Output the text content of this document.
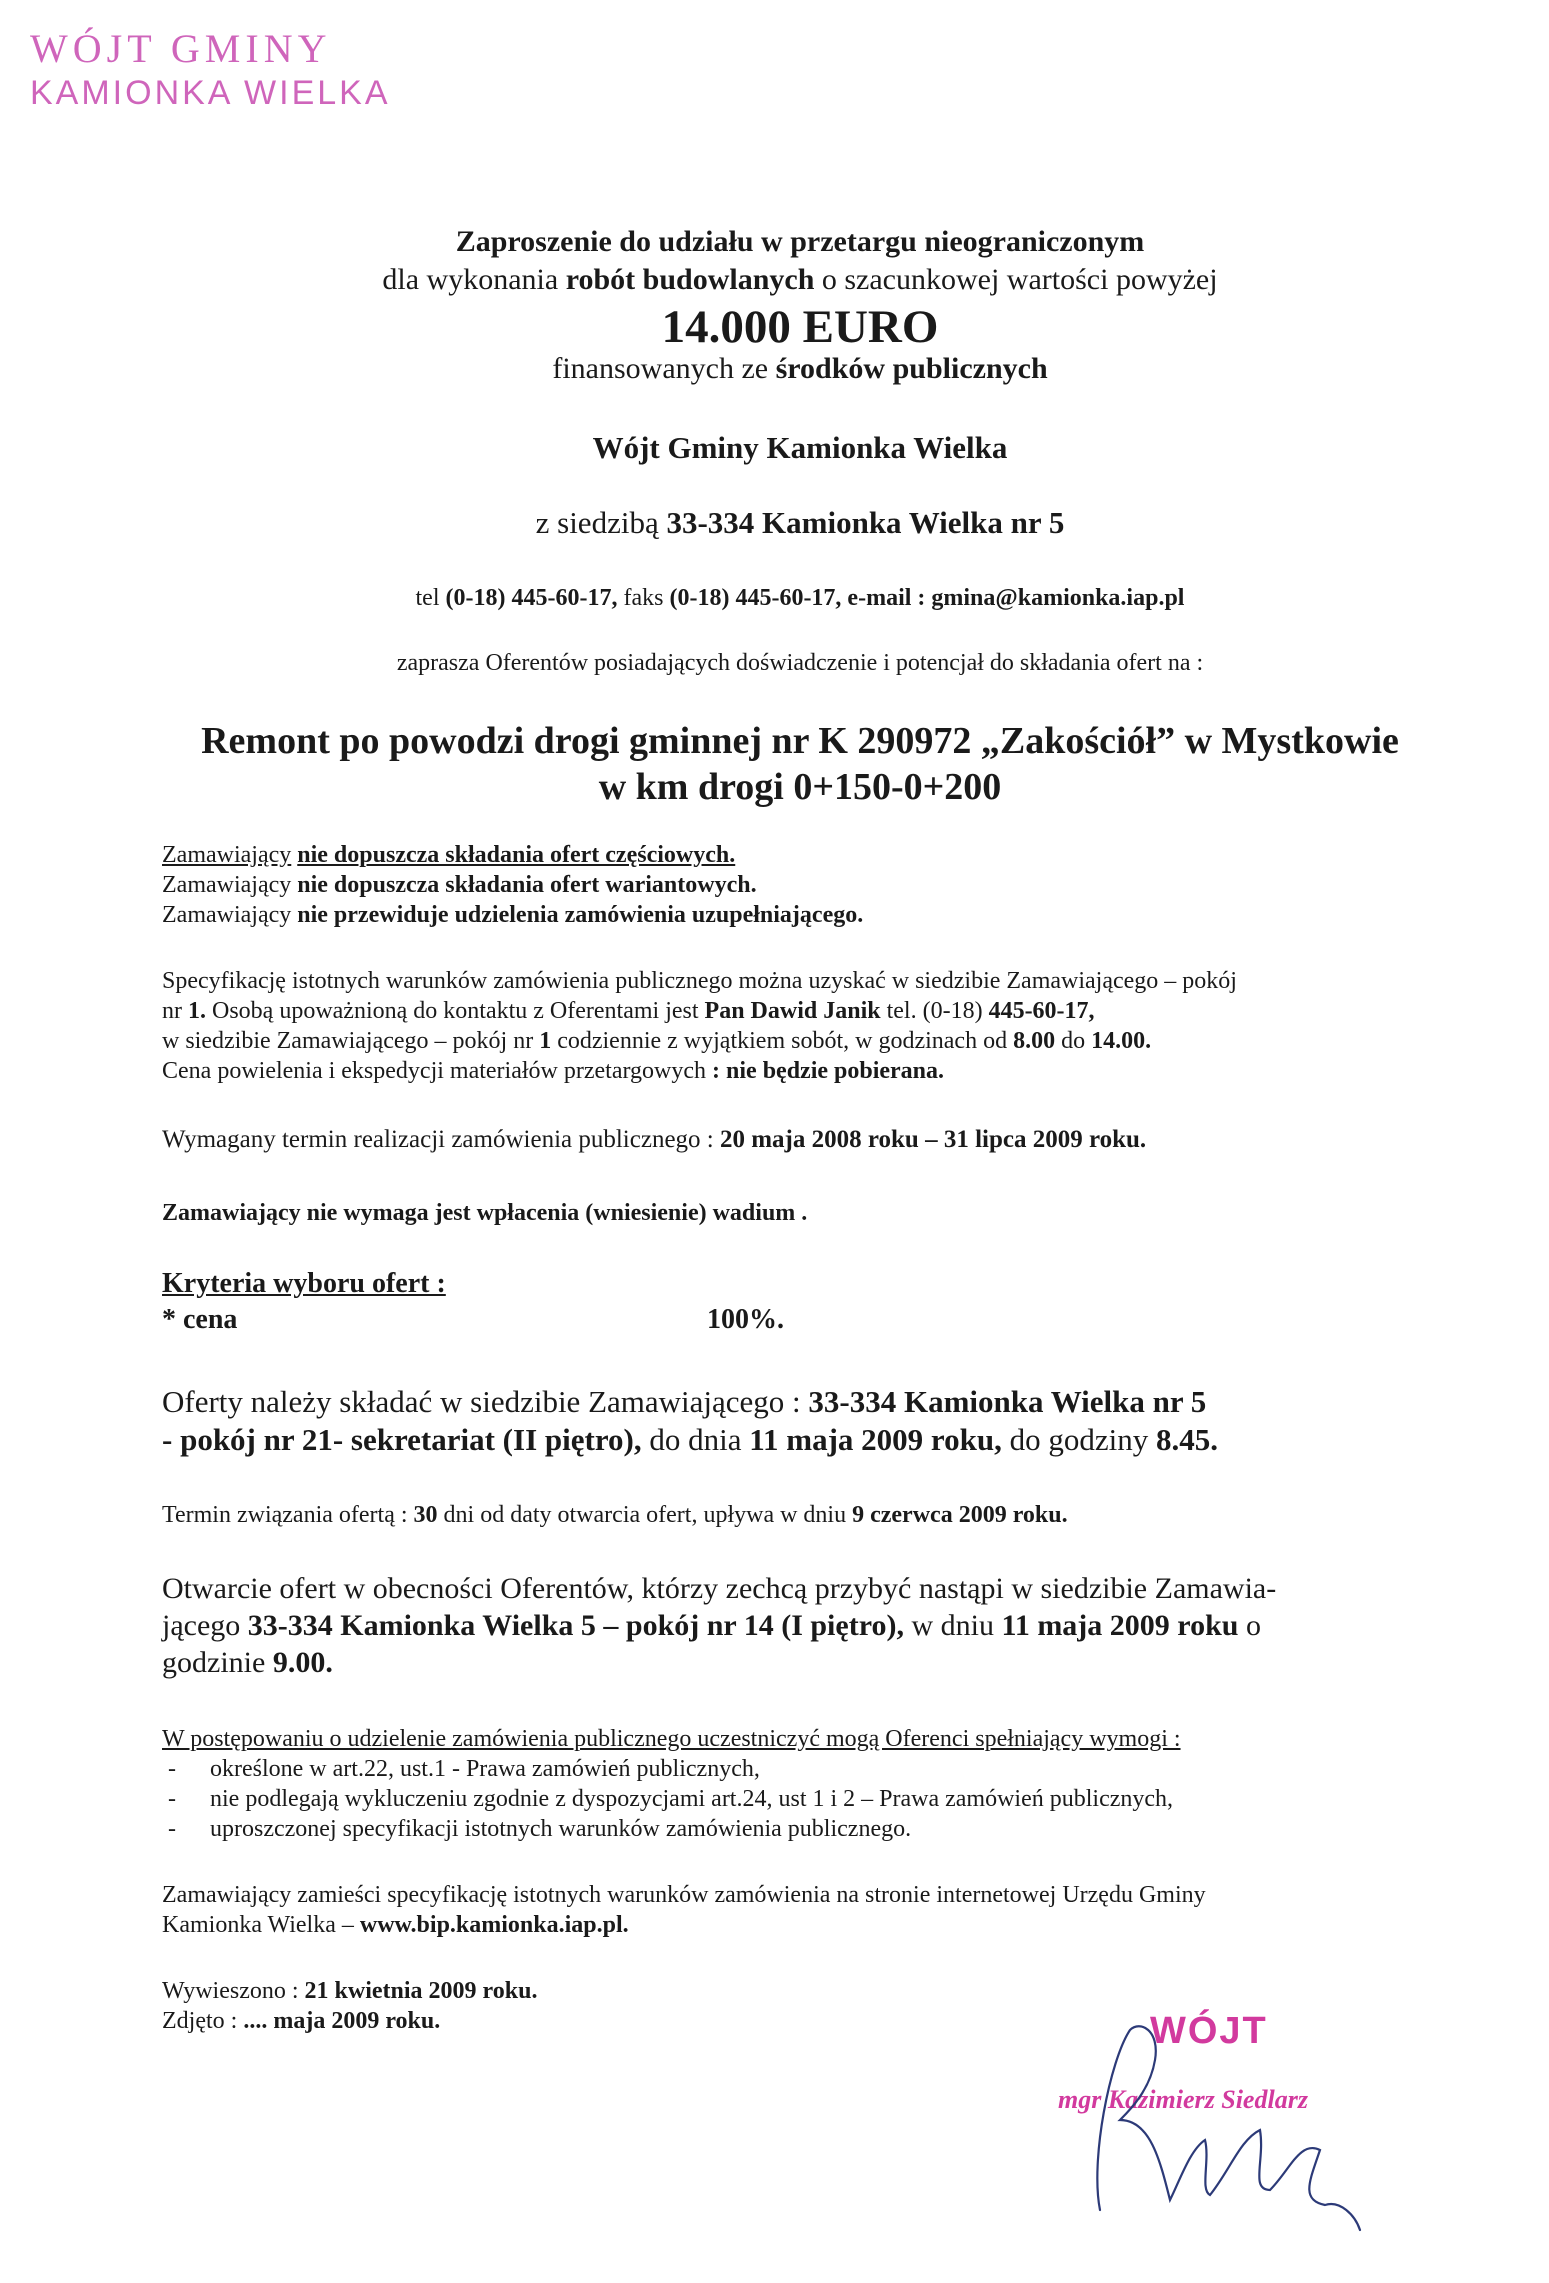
WÓJT GMINY
KAMIONKA WIELKA
Zaproszenie do udziału w przetargu nieograniczonym
dla wykonania robót budowlanych o szacunkowej wartości powyżej
14.000 EURO
finansowanych ze środków publicznych
Wójt Gminy Kamionka Wielka
z siedzibą 33-334 Kamionka Wielka nr 5
tel (0-18) 445-60-17, faks (0-18) 445-60-17, e-mail : gmina@kamionka.iap.pl
zaprasza Oferentów posiadających doświadczenie i potencjał do składania ofert na :
Remont po powodzi drogi gminnej nr K 290972 „Zakościół” w Mystkowie
w km drogi 0+150-0+200
Zamawiający nie dopuszcza składania ofert częściowych.
Zamawiający nie dopuszcza składania ofert wariantowych.
Zamawiający nie przewiduje udzielenia zamówienia uzupełniającego.
Specyfikację istotnych warunków zamówienia publicznego można uzyskać w siedzibie Zamawiającego – pokój
nr 1. Osobą upoważnioną do kontaktu z Oferentami jest Pan Dawid Janik tel. (0-18) 445-60-17,
w siedzibie Zamawiającego – pokój nr 1 codziennie z wyjątkiem sobót, w godzinach od 8.00 do 14.00.
Cena powielenia i ekspedycji materiałów przetargowych : nie będzie pobierana.
Wymagany termin realizacji zamówienia publicznego : 20 maja 2008 roku – 31 lipca 2009 roku.
Zamawiający nie wymaga jest wpłacenia (wniesienie) wadium .
Kryteria wyboru ofert :
* cena	100%.
Oferty należy składać w siedzibie Zamawiającego : 33-334 Kamionka Wielka nr 5
- pokój nr 21- sekretariat (II piętro), do dnia 11 maja 2009 roku, do godziny 8.45.
Termin związania ofertą : 30 dni od daty otwarcia ofert, upływa w dniu 9 czerwca 2009 roku.
Otwarcie ofert w obecności Oferentów, którzy zechcą przybyć nastąpi w siedzibie Zamawia-
jącego 33-334 Kamionka Wielka 5 – pokój nr 14 (I piętro), w dniu 11 maja 2009 roku o
godzinie 9.00.
W postępowaniu o udzielenie zamówienia publicznego uczestniczyć mogą Oferenci spełniający wymogi :
- określone w art.22, ust.1 - Prawa zamówień publicznych,
- nie podlegają wykluczeniu zgodnie z dyspozycjami art.24, ust 1 i 2 – Prawa zamówień publicznych,
- uproszczonej specyfikacji istotnych warunków zamówienia publicznego.
Zamawiający zamieści specyfikację istotnych warunków zamówienia na stronie internetowej Urzędu Gminy
Kamionka Wielka – www.bip.kamionka.iap.pl.
Wywieszono : 21 kwietnia 2009 roku.
Zdjęto : .... maja 2009 roku.	WÓJT
mgr Kazimierz Siedlarz
